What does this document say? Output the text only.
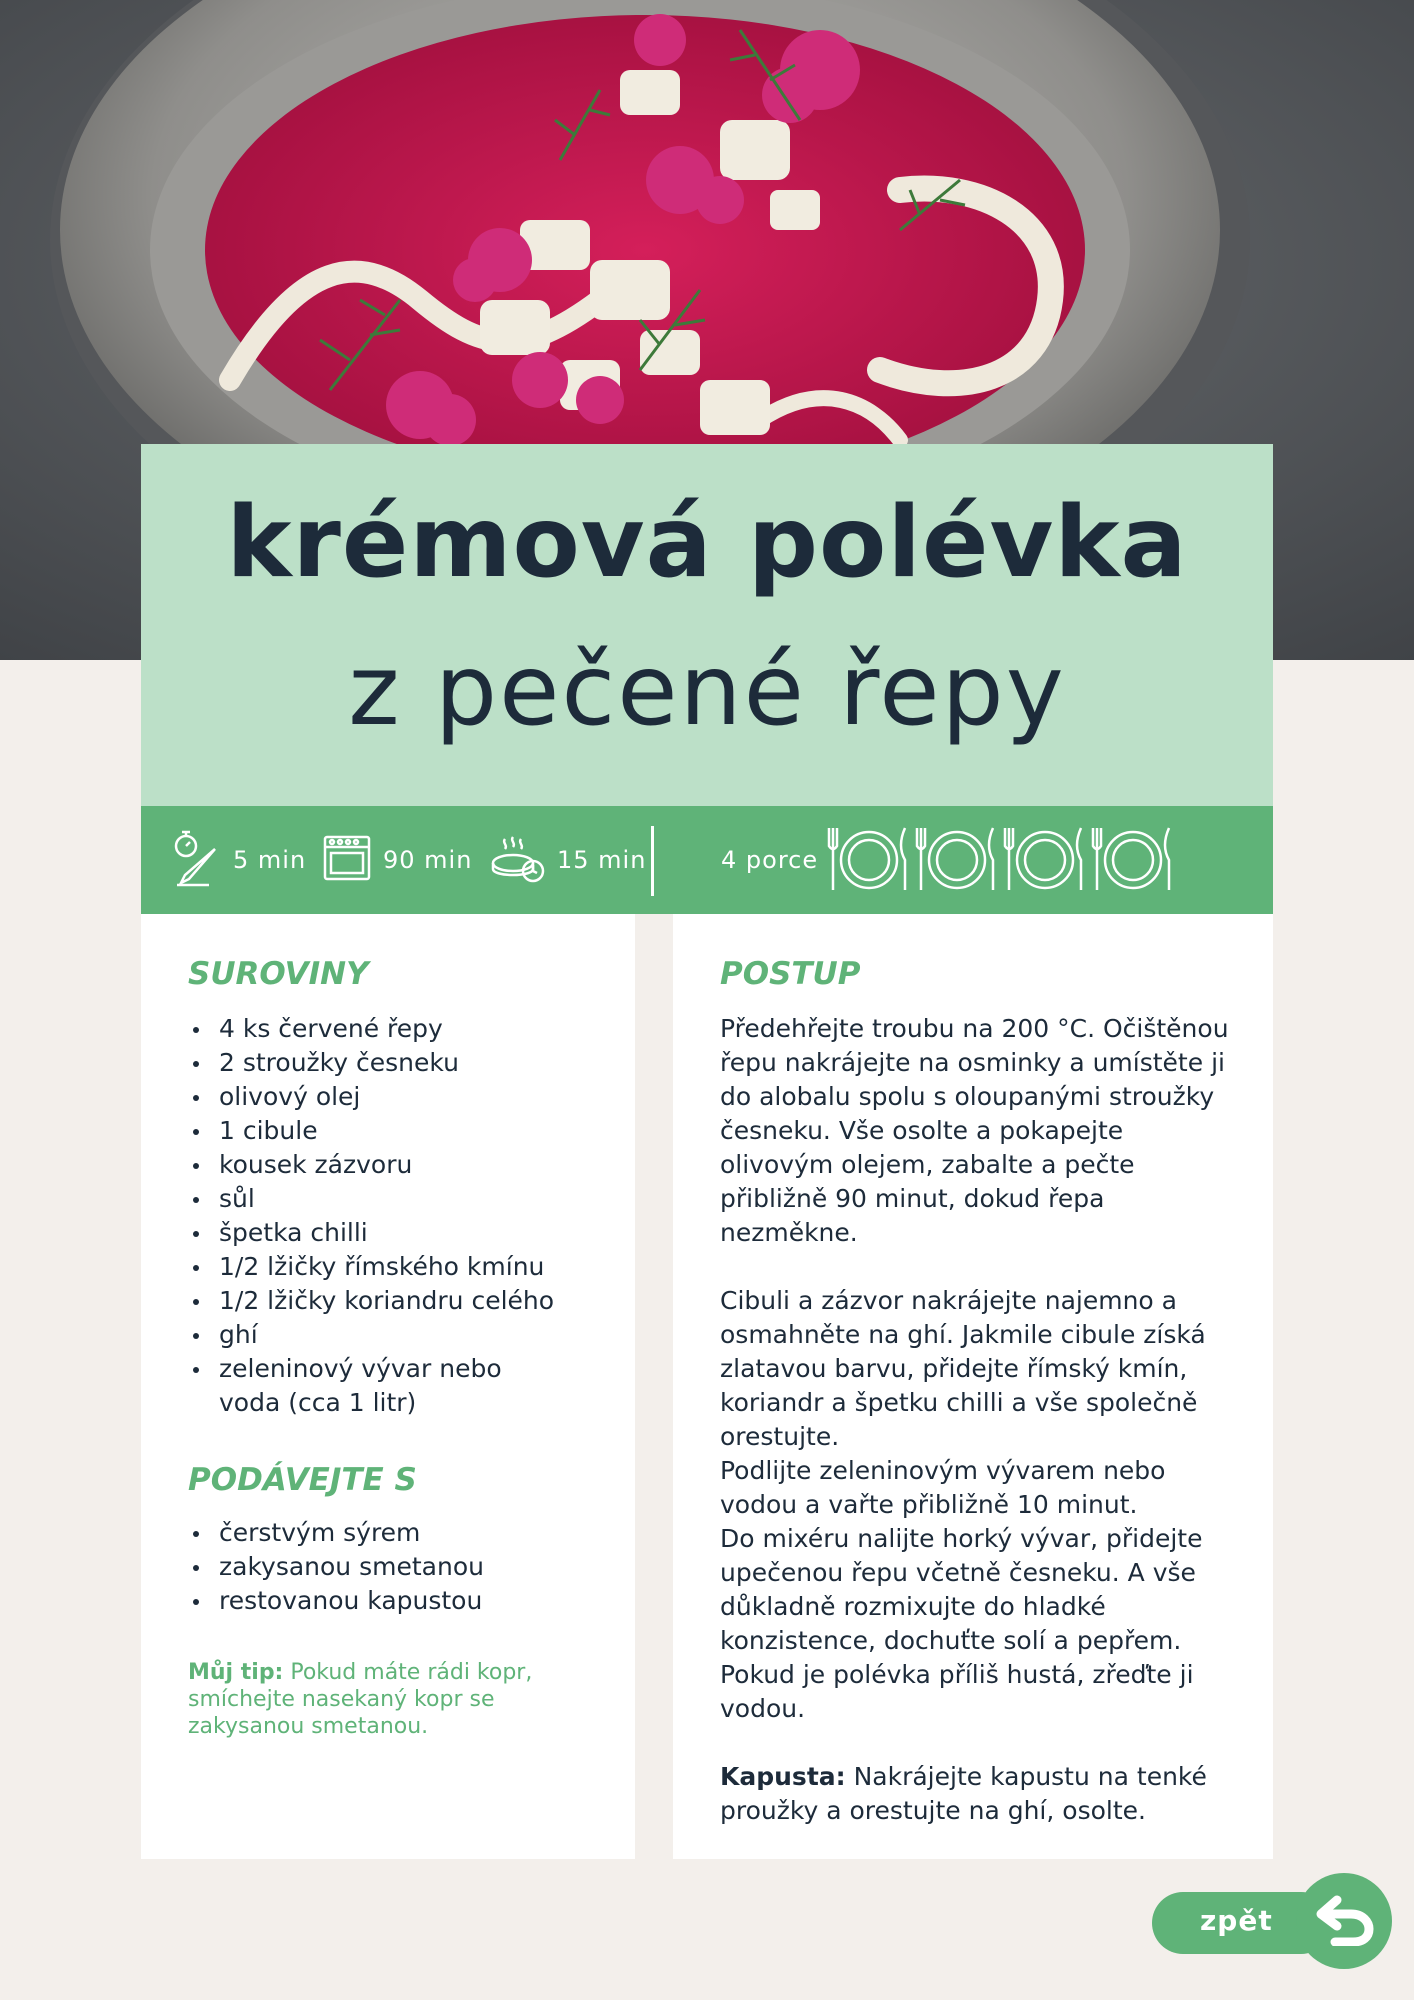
krémová polévka
z pečené řepy
5 min	90 min	15 min	4 porce
SUROVINY
4 ks červené řepy
2 stroužky česneku
olivový olej
1 cibule
kousek zázvoru
sůl
špetka chilli
1/2 lžičky římského kmínu
1/2 lžičky koriandru celého
ghí
zeleninový vývar nebo
voda (cca 1 litr)
PODÁVEJTE S
čerstvým sýrem
zakysanou smetanou
restovanou kapustou
Můj tip: Pokud máte rádi kopr, smíchejte nasekaný kopr se zakysanou smetanou.
POSTUP

Předehřejte troubu na 200 °C. Očištěnou řepu nakrájejte na osminky a umístěte ji do alobalu spolu s oloupanými stroužky česneku. Vše osolte a pokapejte olivovým olejem, zabalte a pečte přibližně 90 minut, dokud řepa nezměkne.

Cibuli a zázvor nakrájejte najemno a osmahněte na ghí. Jakmile cibule získá zlatavou barvu, přidejte římský kmín, koriandr a špetku chilli a vše společně orestujte.

Podlijte zeleninovým vývarem nebo vodou a vařte přibližně 10 minut.

Do mixéru nalijte horký vývar, přidejte upečenou řepu včetně česneku. A vše důkladně rozmixujte do hladké konzistence, dochuťte solí a pepřem. Pokud je polévka příliš hustá, zřeďte ji vodou.

Kapusta: Nakrájejte kapustu na tenké proužky a orestujte na ghí, osolte.

zpět
